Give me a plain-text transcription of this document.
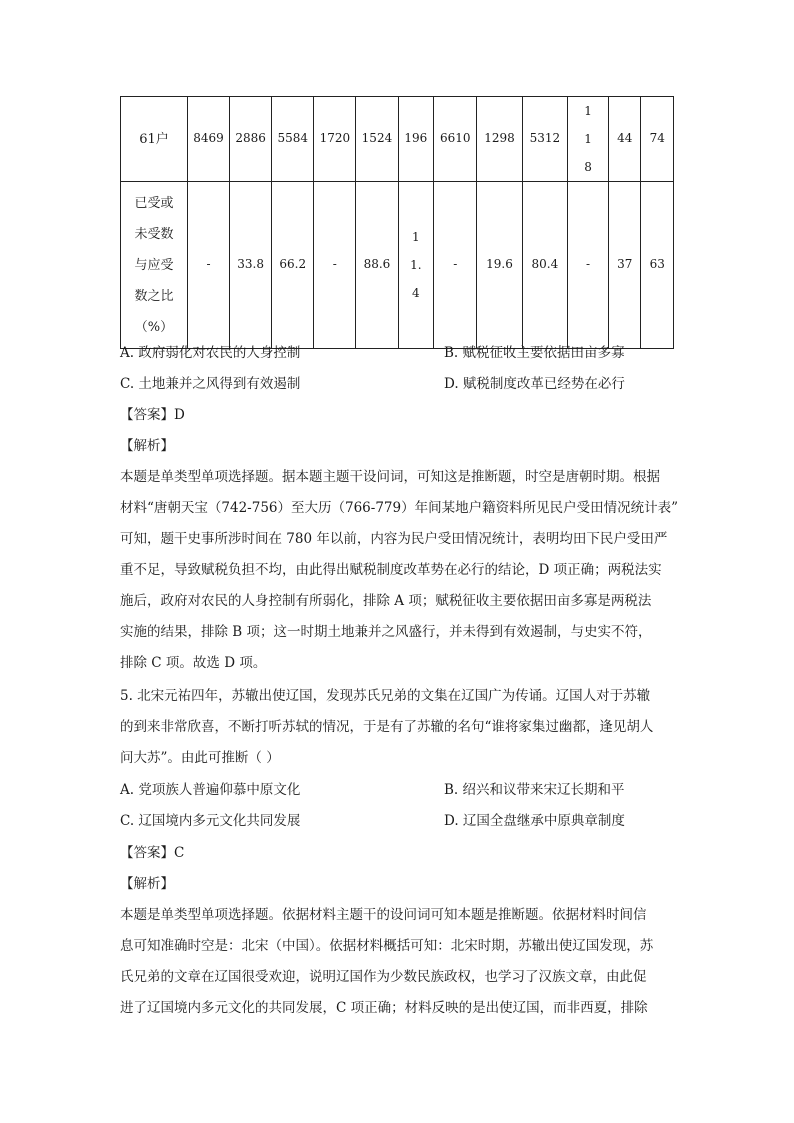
61户	8469	2886	5584	1720	1524	196	6610	1298	5312	118	44	74

已受或
未受数
与应受
数之比
（%）	-	33.8	66.2	-	88.6	11.4	-	19.6	80.4	-	37	63
A. 政府弱化对农民的人身控制	B. 赋税征收主要依据田亩多寡
C. 土地兼并之风得到有效遏制	D. 赋税制度改革已经势在必行
【答案】D
【解析】
本题是单类型单项选择题。据本题主题干设问词，可知这是推断题，时空是唐朝时期。根据
材料“唐朝天宝（742-756）至大历（766-779）年间某地户籍资料所见民户受田情况统计表”
可知，题干史事所涉时间在 780 年以前，内容为民户受田情况统计，表明均田下民户受田严
重不足，导致赋税负担不均，由此得出赋税制度改革势在必行的结论，D 项正确；两税法实
施后，政府对农民的人身控制有所弱化，排除 A 项；赋税征收主要依据田亩多寡是两税法
实施的结果，排除 B 项；这一时期土地兼并之风盛行，并未得到有效遏制，与史实不符，
排除 C 项。故选 D 项。
5. 北宋元祐四年，苏辙出使辽国，发现苏氏兄弟的文集在辽国广为传诵。辽国人对于苏辙
的到来非常欣喜，不断打听苏轼的情况，于是有了苏辙的名句“谁将家集过幽都，逢见胡人
问大苏”。由此可推断（ ）
A. 党项族人普遍仰慕中原文化	B. 绍兴和议带来宋辽长期和平
C. 辽国境内多元文化共同发展	D. 辽国全盘继承中原典章制度
【答案】C
【解析】
本题是单类型单项选择题。依据材料主题干的设问词可知本题是推断题。依据材料时间信
息可知准确时空是：北宋（中国）。依据材料概括可知：北宋时期，苏辙出使辽国发现，苏
氏兄弟的文章在辽国很受欢迎，说明辽国作为少数民族政权，也学习了汉族文章，由此促
进了辽国境内多元文化的共同发展，C 项正确；材料反映的是出使辽国，而非西夏，排除
